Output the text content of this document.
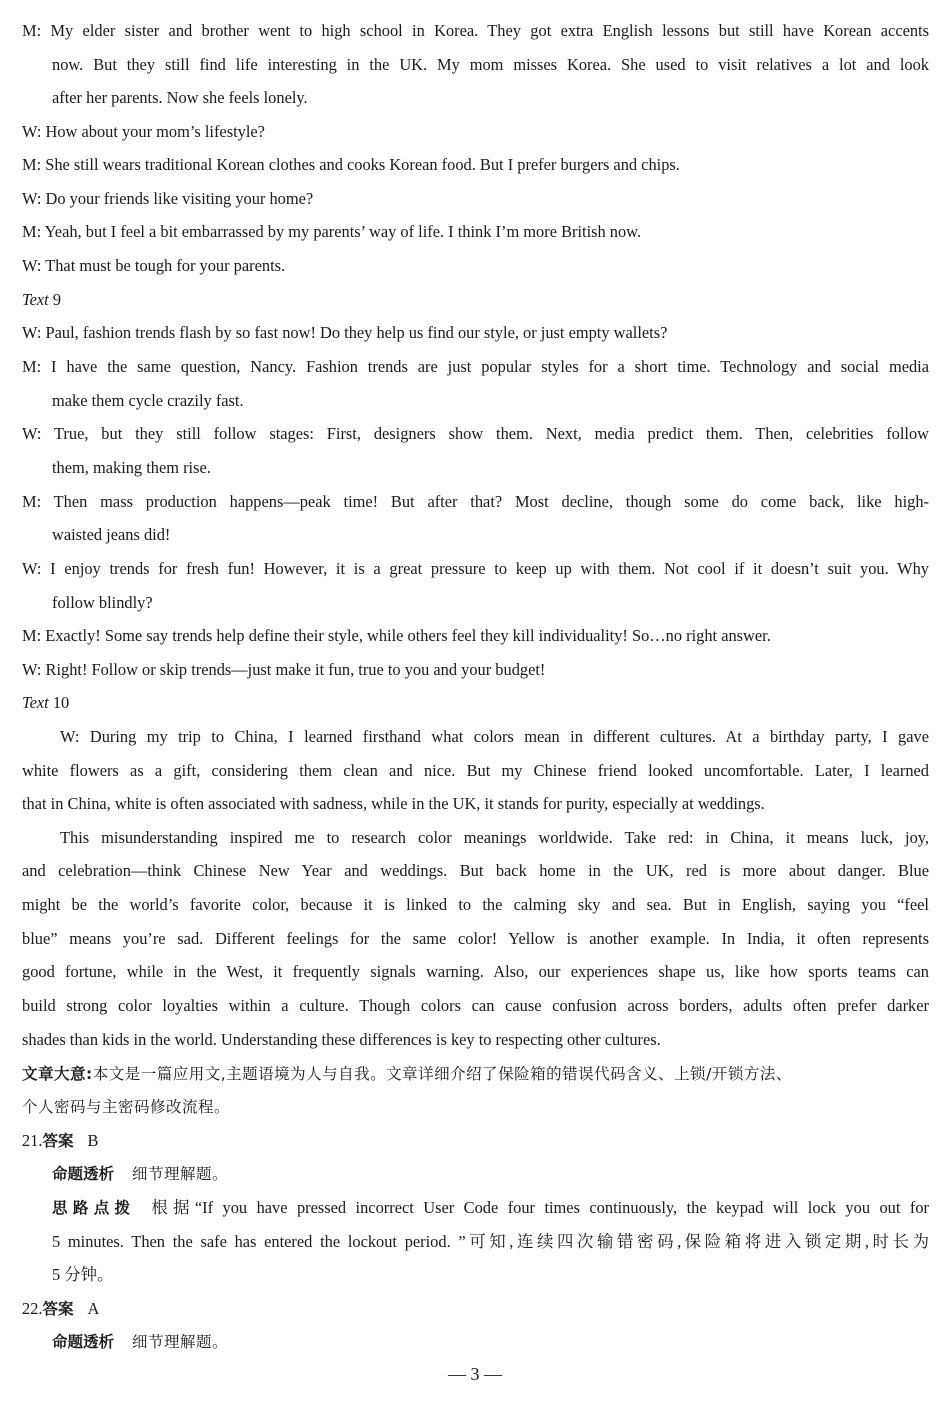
M: My elder sister and brother went to high school in Korea. They got extra English lessons but still have Korean accents
now. But they still find life interesting in the UK. My mom misses Korea. She used to visit relatives a lot and look
after her parents. Now she feels lonely.
W: How about your mom’s lifestyle?
M: She still wears traditional Korean clothes and cooks Korean food. But I prefer burgers and chips.
W: Do your friends like visiting your home?
M: Yeah, but I feel a bit embarrassed by my parents’ way of life. I think I’m more British now.
W: That must be tough for your parents.
Text 9
W: Paul, fashion trends flash by so fast now! Do they help us find our style, or just empty wallets?
M: I have the same question, Nancy. Fashion trends are just popular styles for a short time. Technology and social media
make them cycle crazily fast.
W: True, but they still follow stages: First, designers show them. Next, media predict them. Then, celebrities follow
them, making them rise.
M: Then mass production happens—peak time! But after that? Most decline, though some do come back, like high-
waisted jeans did!
W: I enjoy trends for fresh fun! However, it is a great pressure to keep up with them. Not cool if it doesn’t suit you. Why
follow blindly?
M: Exactly! Some say trends help define their style, while others feel they kill individuality! So…no right answer.
W: Right! Follow or skip trends—just make it fun, true to you and your budget!
Text 10
W: During my trip to China, I learned firsthand what colors mean in different cultures. At a birthday party, I gave
white flowers as a gift, considering them clean and nice. But my Chinese friend looked uncomfortable. Later, I learned
that in China, white is often associated with sadness, while in the UK, it stands for purity, especially at weddings.
This misunderstanding inspired me to research color meanings worldwide. Take red: in China, it means luck, joy,
and celebration—think Chinese New Year and weddings. But back home in the UK, red is more about danger. Blue
might be the world’s favorite color, because it is linked to the calming sky and sea. But in English, saying you “feel
blue” means you’re sad. Different feelings for the same color! Yellow is another example. In India, it often represents
good fortune, while in the West, it frequently signals warning. Also, our experiences shape us, like how sports teams can
build strong color loyalties within a culture. Though colors can cause confusion across borders, adults often prefer darker
shades than kids in the world. Understanding these differences is key to respecting other cultures.
文章大意:本文是一篇应用文,主题语境为人与自我。文章详细介绍了保险箱的错误代码含义、上锁/开锁方法、
个人密码与主密码修改流程。
21.答案 B
命题透析 细节理解题。
思路点拨 根据“If you have pressed incorrect User Code four times continuously, the keypad will lock you out for
5 minutes. Then the safe has entered the lockout period. ”可知,连续四次输错密码,保险箱将进入锁定期,时长为
5 分钟。
22.答案 A
命题透析 细节理解题。
— 3 —
